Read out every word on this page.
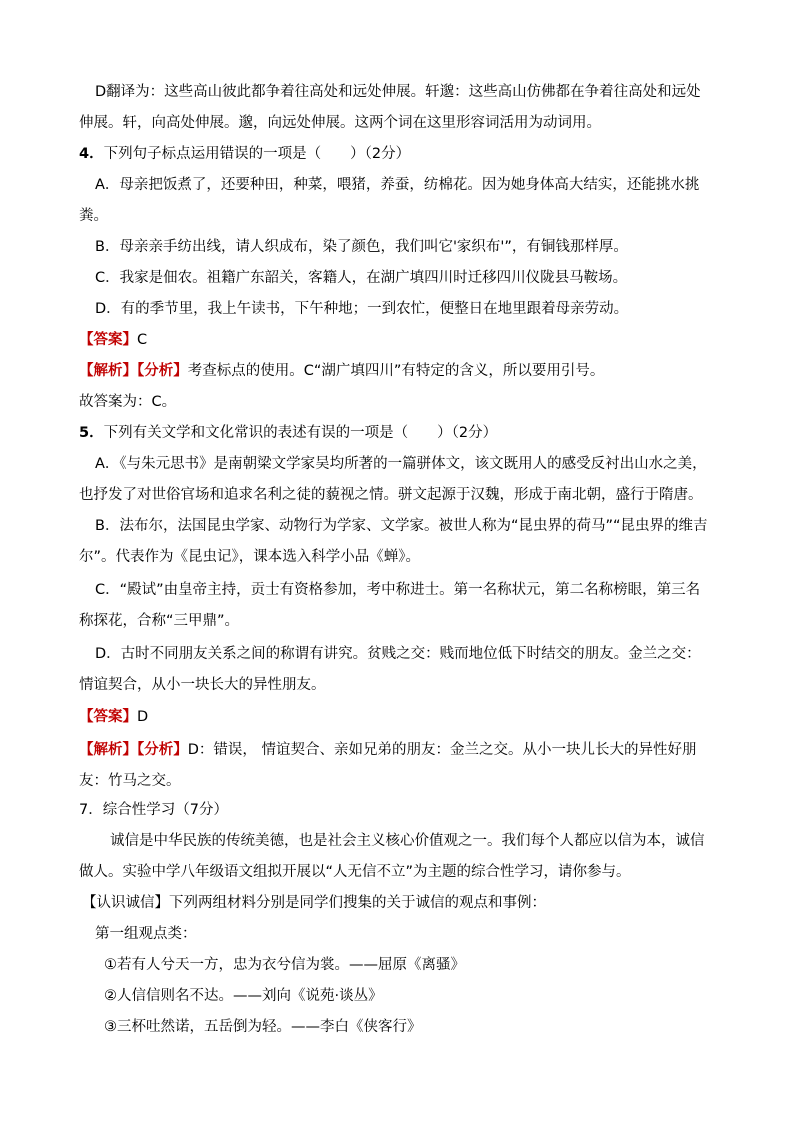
D翻译为：这些高山彼此都争着往高处和远处伸展。轩邈：这些高山仿佛都在争着往高处和远处
伸展。轩，向高处伸展。邈，向远处伸展。这两个词在这里形容词活用为动词用。
4．下列句子标点运用错误的一项是（　　）（2分）
A．母亲把饭煮了，还要种田，种菜，喂猪，养蚕，纺棉花。因为她身体高大结实，还能挑水挑
粪。
B．母亲亲手纺出线，请人织成布，染了颜色，我们叫它'家织布'”，有铜钱那样厚。
C．我家是佃农。祖籍广东韶关，客籍人，在湖广填四川时迁移四川仪陇县马鞍场。
D．有的季节里，我上午读书，下午种地；一到农忙，便整日在地里跟着母亲劳动。
【答案】C
【解析】【分析】考查标点的使用。C“湖广填四川”有特定的含义，所以要用引号。
故答案为：C。
5．下列有关文学和文化常识的表述有误的一项是（　　）（2分）
A．《与朱元思书》是南朝梁文学家吴均所著的一篇骈体文，该文既用人的感受反衬出山水之美，
也抒发了对世俗官场和追求名利之徒的藐视之情。骈文起源于汉魏，形成于南北朝，盛行于隋唐。
B．法布尔，法国昆虫学家、动物行为学家、文学家。被世人称为“昆虫界的荷马”“昆虫界的维吉
尔”。代表作为《昆虫记》，课本选入科学小品《蝉》。
C．“殿试”由皇帝主持，贡士有资格参加，考中称进士。第一名称状元，第二名称榜眼，第三名
称探花，合称“三甲鼎”。
D．古时不同朋友关系之间的称谓有讲究。贫贱之交：贱而地位低下时结交的朋友。金兰之交：
情谊契合，从小一块长大的异性朋友。
【答案】D
【解析】【分析】D：错误， 情谊契合、亲如兄弟的朋友：金兰之交。从小一块儿长大的异性好朋
友：竹马之交。
7．综合性学习（7分）
诚信是中华民族的传统美德，也是社会主义核心价值观之一。我们每个人都应以信为本，诚信
做人。实验中学八年级语文组拟开展以“人无信不立”为主题的综合性学习，请你参与。
【认识诚信】下列两组材料分别是同学们搜集的关于诚信的观点和事例：
第一组观点类：
①若有人兮天一方，忠为衣兮信为裳。——屈原《离骚》
②人信信则名不达。——刘向《说苑·谈丛》
③三杯吐然诺，五岳倒为轻。——李白《侠客行》
